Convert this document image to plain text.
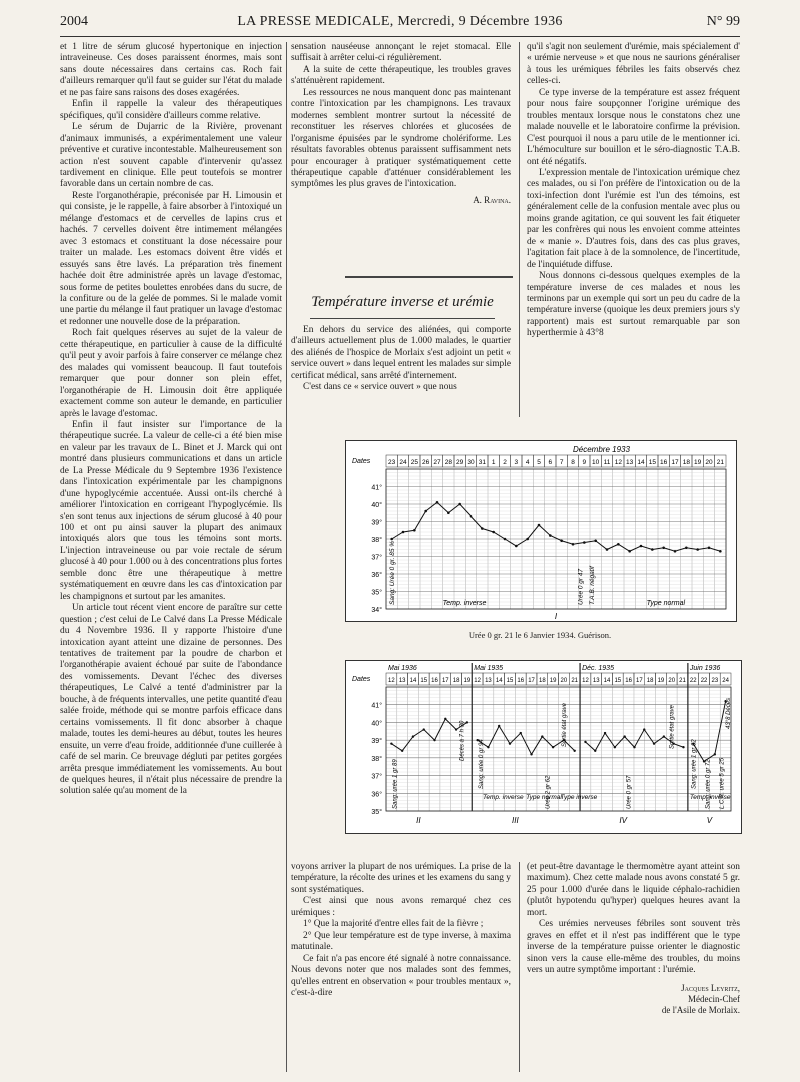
2004	LA PRESSE MEDICALE, Mercredi, 9 Décembre 1936	N° 99

et 1 litre de sérum glucosé hypertonique en injection intraveineuse. Ces doses paraissent énormes, mais sont sans doute nécessaires dans certains cas. Roch fait d'ailleurs remarquer qu'il faut se guider sur l'état du malade et ne pas faire sans raisons des doses exagérées.

Enfin il rappelle la valeur des thérapeutiques spécifiques, qu'il considère d'ailleurs comme relative.

Le sérum de Dujarric de la Rivière, provenant d'animaux immunisés, a expérimentalement une valeur préventive et curative incontestable. Malheureusement son action n'est souvent capable d'intervenir qu'assez tardivement en clinique. Elle peut toutefois se montrer favorable dans un certain nombre de cas.

Reste l'organothérapie, préconisée par H. Limousin et qui consiste, je le rappelle, à faire absorber à l'intoxiqué un mélange d'estomacs et de cervelles de lapins crus et hachés. 7 cervelles doivent être intimement mélangées avec 3 estomacs et constituant la dose nécessaire pour traiter un malade. Les estomacs doivent être vidés et essuyés sans être lavés. La préparation très finement hachée doit être administrée après un lavage d'estomac, sous forme de petites boulettes enrobées dans du sucre, de la confiture ou de la gelée de pommes. Si le malade vomit une partie du mélange il faut pratiquer un lavage d'estomac et redonner une nouvelle dose de la préparation.

Roch fait quelques réserves au sujet de la valeur de cette thérapeutique, en particulier à cause de la difficulté qu'il peut y avoir parfois à faire conserver ce mélange chez des malades qui vomissent beaucoup. Il faut toutefois remarquer que pour donner son plein effet, l'organothérapie de H. Limousin doit être appliquée exactement comme son auteur le demande, en particulier après le lavage d'estomac.

Enfin il faut insister sur l'importance de la thérapeutique sucrée. La valeur de celle-ci a été bien mise en valeur par les travaux de L. Binet et J. Marck qui ont montré dans plusieurs communications et dans un article de La Presse Médicale du 9 Septembre 1936 l'existence dans l'intoxication expérimentale par les champignons d'une hypoglycémie accentuée. Aussi ont-ils cherché à améliorer l'intoxication en corrigeant l'hypoglycémie. Ils s'en sont tenus aux injections de sérum glucosé à 40 pour 100 et ont pu ainsi sauver la plupart des animaux intoxiqués alors que tous les témoins sont morts. L'injection intraveineuse ou par voie rectale de sérum glucosé à 40 pour 1.000 ou à des concentrations plus fortes semble donc être une thérapeutique à mettre systématiquement en œuvre dans les cas d'intoxication par les champignons et surtout par les amanites.

Un article tout récent vient encore de paraître sur cette question ; c'est celui de Le Calvé dans La Presse Médicale du 4 Novembre 1936. Il y rapporte l'histoire d'une intoxication ayant atteint une dizaine de personnes. Des tentatives de traitement par la poudre de charbon et l'organothérapie avaient échoué par suite de l'abondance des vomissements. Devant l'échec des diverses thérapeutiques, Le Calvé a tenté d'administrer par la bouche, à de fréquents intervalles, une petite quantité d'eau salée froide, méthode qui se montre parfois efficace dans certains vomissements. Il fit donc absorber à chaque malade, toutes les demi-heures au début, toutes les heures ensuite, un verre d'eau froide, additionnée d'une cuillerée à café de sel marin. Ce breuvage dégluti par petites gorgées arrêta presque immédiatement les vomissements. Au bout de quelques heures, il n'était plus nécessaire de prendre la solution salée qu'au moment de la

sensation nauséeuse annonçant le rejet stomacal. Elle suffisait à arrêter celui-ci régulièrement.

A la suite de cette thérapeutique, les troubles graves s'atténuèrent rapidement.

Les ressources ne nous manquent donc pas maintenant contre l'intoxication par les champignons. Les travaux modernes semblent montrer surtout la nécessité de reconstituer les réserves chlorées et glucosées de l'organisme épuisées par le syndrome cholériforme. Les résultats favorables obtenus paraissent suffisamment nets pour encourager à pratiquer systématiquement cette thérapeutique capable d'atténuer considérablement les symptômes les plus graves de l'intoxication.

A. Ravina.
Température inverse et urémie

En dehors du service des aliénées, qui comporte d'ailleurs actuellement plus de 1.000 malades, le quartier des aliénés de l'hospice de Morlaix s'est adjoint un petit « service ouvert » dans lequel entrent les malades sur simple certificat médical, sans arrêté d'internement.

C'est dans ce « service ouvert » que nous

qu'il s'agit non seulement d'urémie, mais spécialement d' « urémie nerveuse » et que nous ne saurions généraliser à tous les urémiques fébriles les faits observés chez celles-ci.

Ce type inverse de la température est assez fréquent pour nous faire soupçonner l'origine urémique des troubles mentaux lorsque nous le constatons chez une malade nouvelle et le laboratoire confirme la prévision. C'est pourquoi il nous a paru utile de le mentionner ici. L'hémoculture sur bouillon et le séro-diagnostic T.A.B. ont été négatifs.

L'expression mentale de l'intoxication urémique chez ces malades, ou si l'on préfère de l'intoxication ou de la toxi-infection dont l'urémie est l'un des témoins, est généralement celle de la confusion mentale avec plus ou moins grande agitation, ce qui souvent les fait étiqueter par les confrères qui nous les envoient comme atteintes de « manie ». D'autres fois, dans des cas plus graves, l'agitation fait place à de la somnolence, de l'incertitude, de l'inquiétude diffuse.

Nous donnons ci-dessous quelques exemples de la température inverse de ces malades et nous les terminons par un exemple qui sort un peu du cadre de la température inverse (quoique les deux premiers jours s'y rapportent) mais est surtout remarquable par son hyperthermie à 43°8

Décembre 1933
Dates	23 24 25 26 27 28 29 30 31 1 2 3 4 5 6 7 8 9 10 11 12 13 14 15 16 17 18 19 20 21
41°
40°
39°
38°
37°
36°
35°
34°
Sang: Urée 0 gr. 85 %	Urée 0 gr 47 T.A.B. négatif
Temp. inverse	Type normal
I
Urée 0 gr. 21 le 6 Janvier 1934. Guérison.
Mai 1936	Mai 1935	Déc. 1935	Juin 1936
Dates	12 13 14 15 16 17 18 19 12 13 14 15 16 17 18 19 20 21 12 13 14 15 16 17 18 19 20 21 22 22 23 24
41°
40°
39°
38°
37°
36°
35°
Sang: urée 1 gr 89
Décès à 7 h 30 Sang: urée 0 gr 94
Urée 2 gr 62
Sortie état grave
Urée 0 gr 57
Sortie état grave
Sang: urée 1 gr 62
43°8 Décès
Temp. inverse Type normal
Type inverse	Temp. inverse
Sang: urée 0 gr 72 L.C.R. urée 5 gr 25
II	III	IV	V

voyons arriver la plupart de nos urémiques. La prise de la température, la récolte des urines et les examens du sang y sont systématiques.

C'est ainsi que nous avons remarqué chez ces urémiques :

1° Que la majorité d'entre elles fait de la fièvre ;

2° Que leur température est de type inverse, à maxima matutinale.

Ce fait n'a pas encore été signalé à notre connaissance. Nous devons noter que nos malades sont des femmes, qu'elles entrent en observation « pour troubles mentaux », c'est-à-dire

(et peut-être davantage le thermomètre ayant atteint son maximum). Chez cette malade nous avons constaté 5 gr. 25 pour 1.000 d'urée dans le liquide céphalo-rachidien (plutôt hypotendu qu'hyper) quelques heures avant la mort.

Ces urémies nerveuses fébriles sont souvent très graves en effet et il n'est pas indifférent que le type inverse de la température puisse orienter le diagnostic sinon vers la cause elle-même des troubles, du moins vers un autre symptôme important : l'urémie.

Jacques Leyritz,
Médecin-Chef
de l'Asile de Morlaix.
